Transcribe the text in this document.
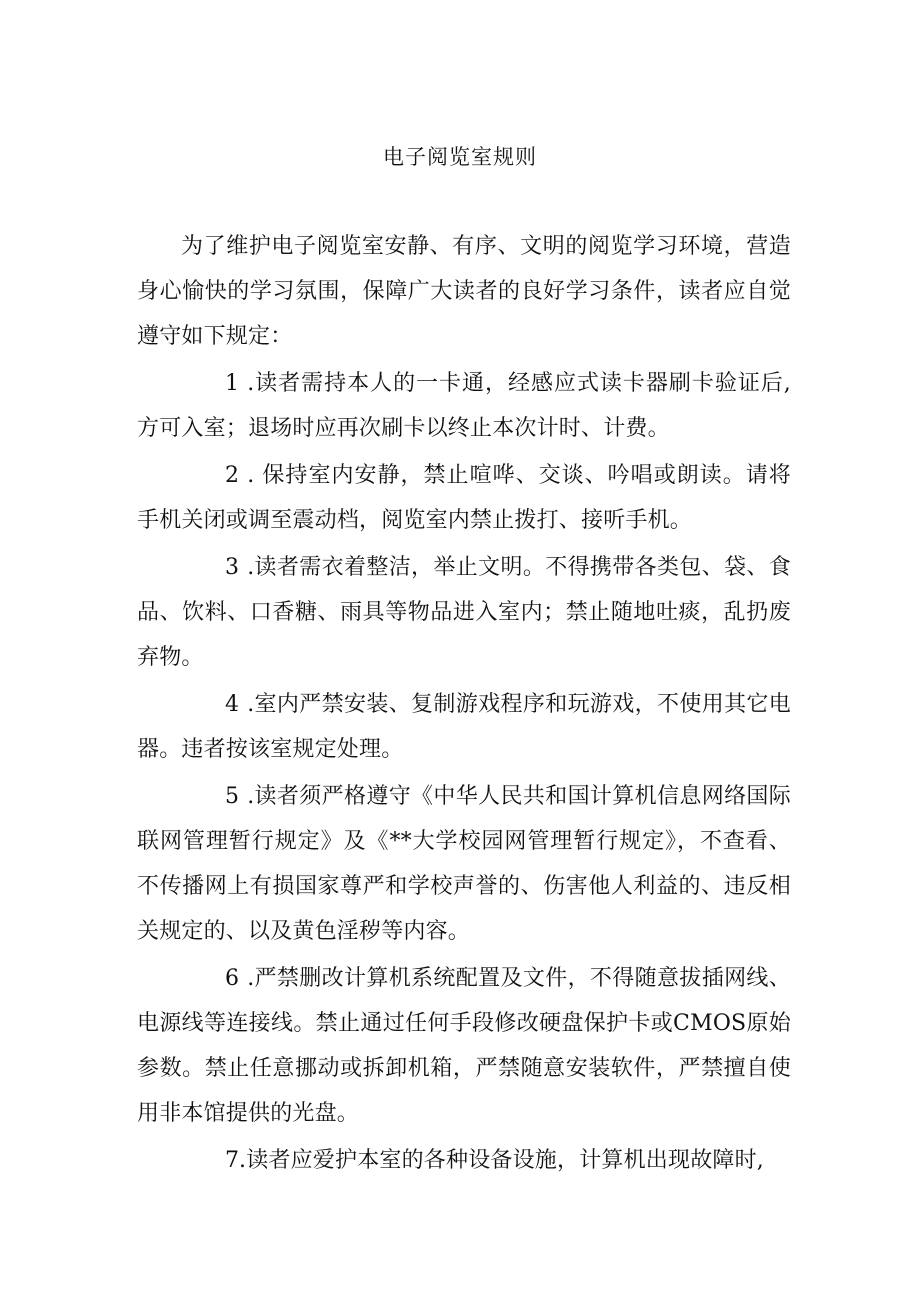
电子阅览室规则

为了维护电子阅览室安静、有序、文明的阅览学习环境，营造身心愉快的学习氛围，保障广大读者的良好学习条件，读者应自觉遵守如下规定：

1 .读者需持本人的一卡通，经感应式读卡器刷卡验证后,方可入室；退场时应再次刷卡以终止本次计时、计费。

2 . 保持室内安静，禁止喧哗、交谈、吟唱或朗读。请将手机关闭或调至震动档，阅览室内禁止拨打、接听手机。

3 .读者需衣着整洁，举止文明。不得携带各类包、袋、食品、饮料、口香糖、雨具等物品进入室内；禁止随地吐痰，乱扔废弃物。

4 .室内严禁安装、复制游戏程序和玩游戏，不使用其它电器。违者按该室规定处理。

5 .读者须严格遵守《中华人民共和国计算机信息网络国际联网管理暂行规定》及《**大学校园网管理暂行规定》，不查看、不传播网上有损国家尊严和学校声誉的、伤害他人利益的、违反相关规定的、以及黄色淫秽等内容。

6 .严禁删改计算机系统配置及文件，不得随意拔插网线、电源线等连接线。禁止通过任何手段修改硬盘保护卡或CMOS原始参数。禁止任意挪动或拆卸机箱，严禁随意安装软件，严禁擅自使用非本馆提供的光盘。

7.读者应爱护本室的各种设备设施，计算机出现故障时,
